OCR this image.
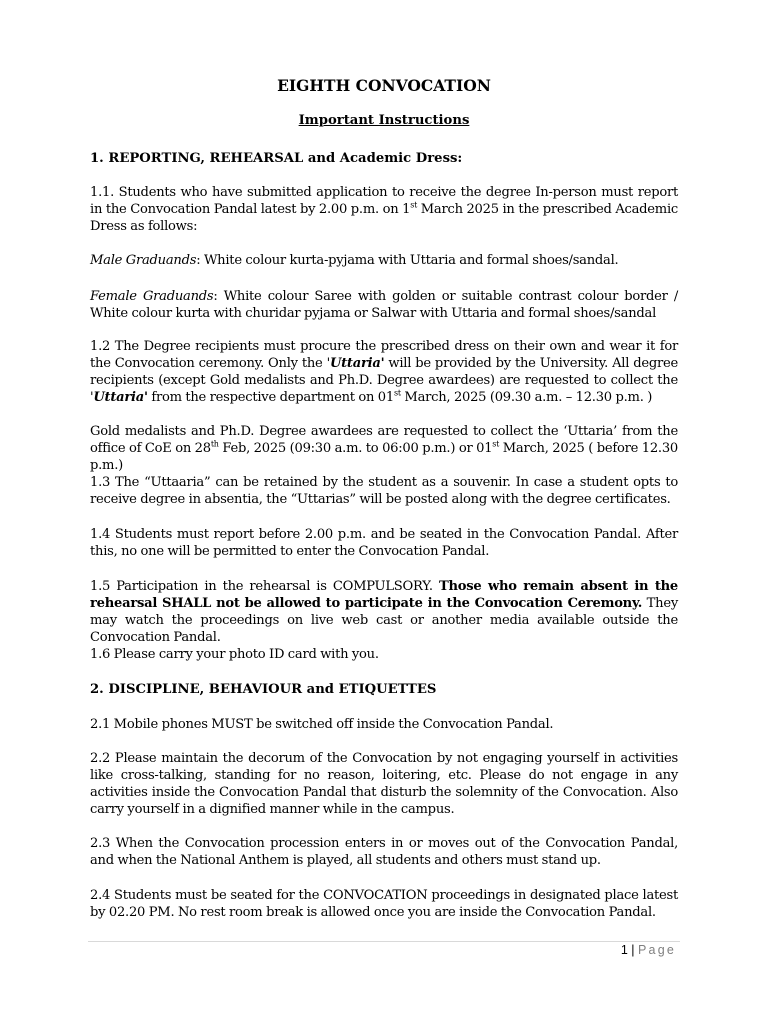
EIGHTH CONVOCATION
Important Instructions
1. REPORTING, REHEARSAL and Academic Dress:

1.1. Students who have submitted application to receive the degree In-person must report in the Convocation Pandal latest by 2.00 p.m. on 1st March 2025 in the prescribed Academic Dress as follows:

Male Graduands: White colour kurta-pyjama with Uttaria and formal shoes/sandal.

Female Graduands: White colour Saree with golden or suitable contrast colour border / White colour kurta with churidar pyjama or Salwar with Uttaria and formal shoes/sandal

1.2 The Degree recipients must procure the prescribed dress on their own and wear it for the Convocation ceremony. Only the 'Uttaria' will be provided by the University. All degree recipients (except Gold medalists and Ph.D. Degree awardees) are requested to collect the 'Uttaria' from the respective department on 01st March, 2025 (09.30 a.m. – 12.30 p.m. )

Gold medalists and Ph.D. Degree awardees are requested to collect the ‘Uttaria’ from the office of CoE on 28th Feb, 2025 (09:30 a.m. to 06:00 p.m.) or 01st March, 2025 ( before 12.30 p.m.)

1.3 The “Uttaaria” can be retained by the student as a souvenir. In case a student opts to receive degree in absentia, the “Uttarias” will be posted along with the degree certificates.

1.4 Students must report before 2.00 p.m. and be seated in the Convocation Pandal. After this, no one will be permitted to enter the Convocation Pandal.

1.5 Participation in the rehearsal is COMPULSORY. Those who remain absent in the rehearsal SHALL not be allowed to participate in the Convocation Ceremony. They may watch the proceedings on live web cast or another media available outside the Convocation Pandal.

1.6 Please carry your photo ID card with you.

2. DISCIPLINE, BEHAVIOUR and ETIQUETTES

2.1 Mobile phones MUST be switched off inside the Convocation Pandal.

2.2 Please maintain the decorum of the Convocation by not engaging yourself in activities like cross-talking, standing for no reason, loitering, etc. Please do not engage in any activities inside the Convocation Pandal that disturb the solemnity of the Convocation. Also carry yourself in a dignified manner while in the campus.

2.3 When the Convocation procession enters in or moves out of the Convocation Pandal, and when the National Anthem is played, all students and others must stand up.

2.4 Students must be seated for the CONVOCATION proceedings in designated place latest by 02.20 PM. No rest room break is allowed once you are inside the Convocation Pandal.

1 | Page
